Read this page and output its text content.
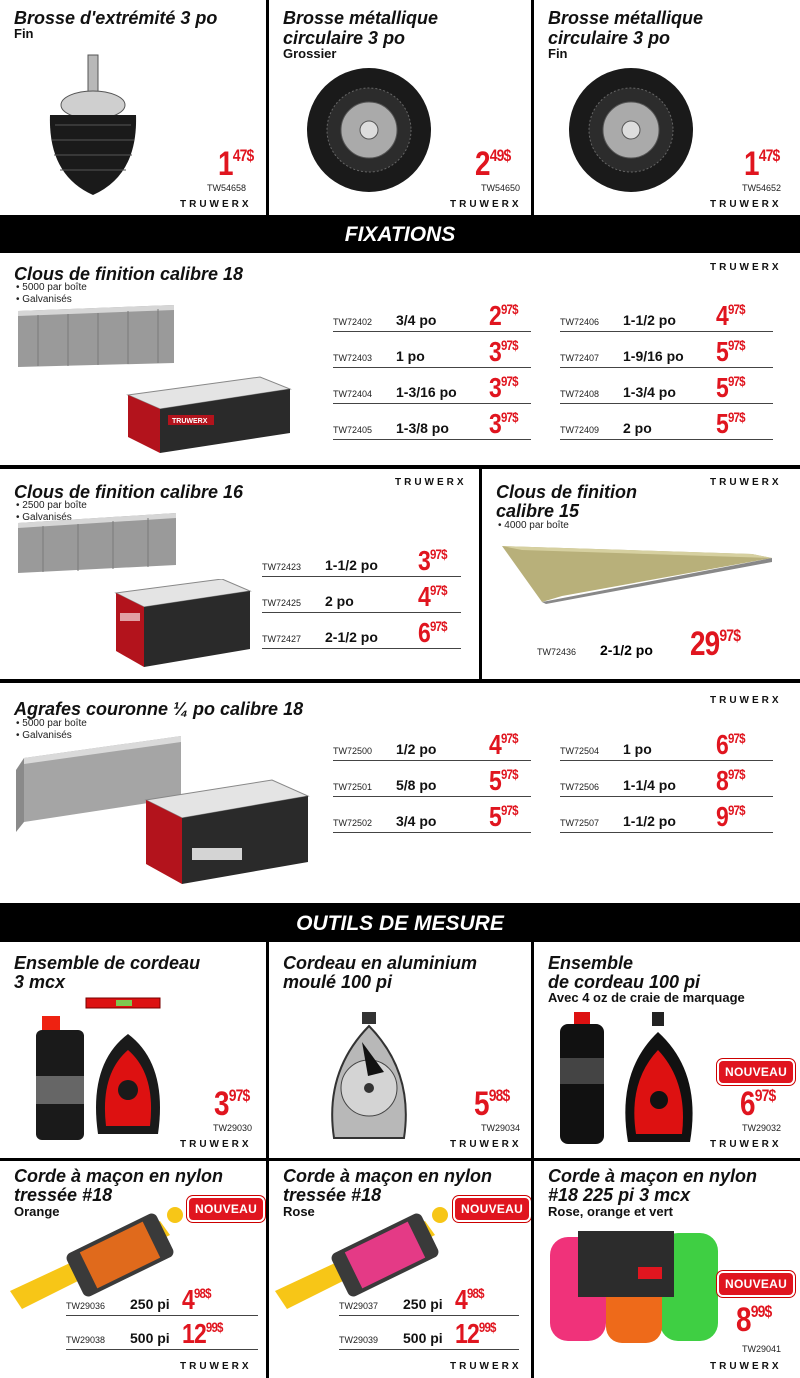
Brosse d'extrémité 3 po
Fin
147$
TW54658
TRUWERX
Brosse métallique
circulaire 3 po
Grossier
249$
TW54650
TRUWERX
Brosse métallique
circulaire 3 po
Fin
147$
TW54652
TRUWERX
FIXATIONS
Clous de finition calibre 18
• 5000 par boîte
• Galvanisés
TRUWERX
TRUWERX
TW72402 3/4 po 297$
TW72403 1 po 397$
TW72404 1-3/16 po 397$
TW72405 1-3/8 po 397$
TW72406 1-1/2 po 497$
TW72407 1-9/16 po 597$
TW72408 1-3/4 po 597$
TW72409 2 po 597$
Clous de finition calibre 16
• 2500 par boîte
• Galvanisés
TRUWERX
TW72423 1-1/2 po 397$
TW72425 2 po 497$
TW72427 2-1/2 po 697$
Clous de finition
calibre 15
• 4000 par boîte
TRUWERX
TW72436 2-1/2 po 2997$
Agrafes couronne ¼ po calibre 18
• 5000 par boîte
• Galvanisés
TRUWERX
TW72500 1/2 po 497$
TW72501 5/8 po 597$
TW72502 3/4 po 597$
TW72504 1 po 697$
TW72506 1-1/4 po 897$
TW72507 1-1/2 po 997$
OUTILS DE MESURE
Ensemble de cordeau
3 mcx
397$
TW29030
TRUWERX
Cordeau en aluminium
moulé 100 pi
598$
TW29034
TRUWERX
Ensemble
de cordeau 100 pi
Avec 4 oz de craie de marquage
NOUVEAU
697$
TW29032
TRUWERX
Corde à maçon en nylon
tressée #18
Orange	NOUVEAU
TW29036 250 pi 498$
TW29038 500 pi 1299$
TRUWERX
Corde à maçon en nylon
tressée #18
Rose	NOUVEAU
TW29037 250 pi 498$
TW29039 500 pi 1299$
TRUWERX
Corde à maçon en nylon
#18 225 pi 3 mcx
Rose, orange et vert
NOUVEAU
899$
TW29041
TRUWERX
